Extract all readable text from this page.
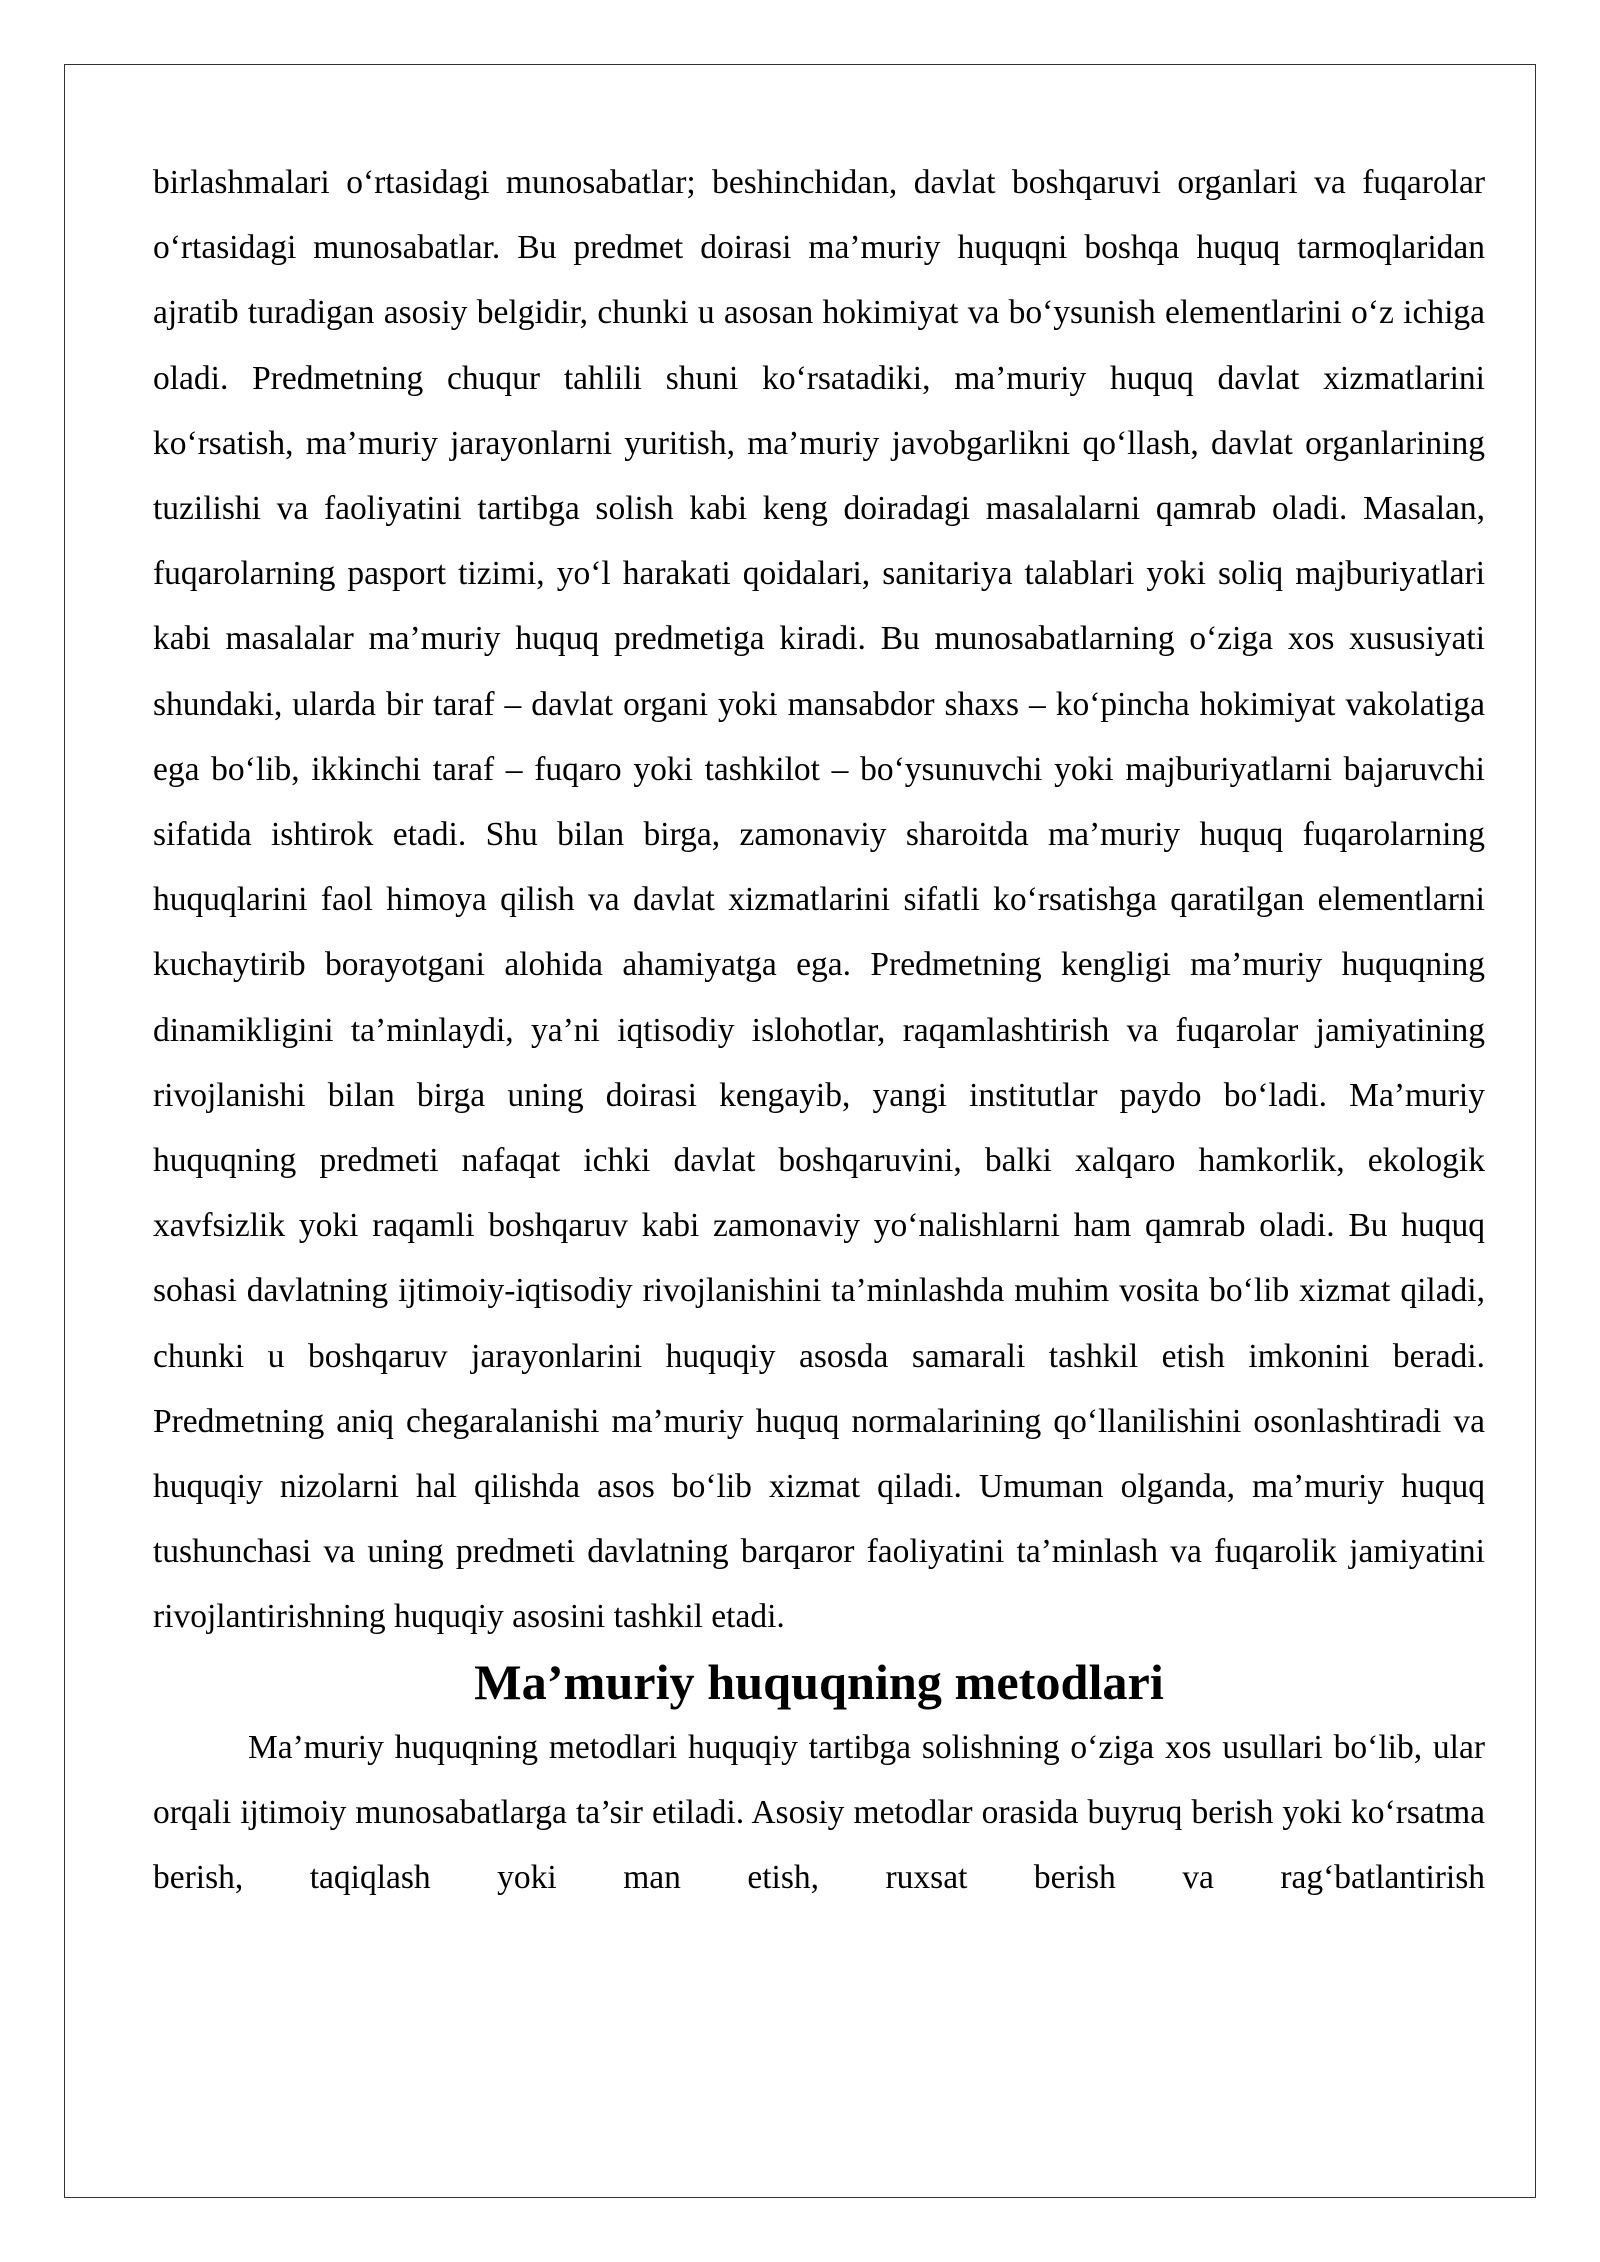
birlashmalari o‘rtasidagi munosabatlar; beshinchidan, davlat boshqaruvi organlari va fuqarolar o‘rtasidagi munosabatlar. Bu predmet doirasi ma’muriy huquqni boshqa huquq tarmoqlaridan ajratib turadigan asosiy belgidir, chunki u asosan hokimiyat va bo‘ysunish elementlarini o‘z ichiga oladi. Predmetning chuqur tahlili shuni ko‘rsatadiki, ma’muriy huquq davlat xizmatlarini ko‘rsatish, ma’muriy jarayonlarni yuritish, ma’muriy javobgarlikni qo‘llash, davlat organlarining tuzilishi va faoliyatini tartibga solish kabi keng doiradagi masalalarni qamrab oladi. Masalan, fuqarolarning pasport tizimi, yo‘l harakati qoidalari, sanitariya talablari yoki soliq majburiyatlari kabi masalalar ma’muriy huquq predmetiga kiradi. Bu munosabatlarning o‘ziga xos xususiyati shundaki, ularda bir taraf – davlat organi yoki mansabdor shaxs – ko‘pincha hokimiyat vakolatiga ega bo‘lib, ikkinchi taraf – fuqaro yoki tashkilot – bo‘ysunuvchi yoki majburiyatlarni bajaruvchi sifatida ishtirok etadi. Shu bilan birga, zamonaviy sharoitda ma’muriy huquq fuqarolarning huquqlarini faol himoya qilish va davlat xizmatlarini sifatli ko‘rsatishga qaratilgan elementlarni kuchaytirib borayotgani alohida ahamiyatga ega. Predmetning kengligi ma’muriy huquqning dinamikligini ta’minlaydi, ya’ni iqtisodiy islohotlar, raqamlashtirish va fuqarolar jamiyatining rivojlanishi bilan birga uning doirasi kengayib, yangi institutlar paydo bo‘ladi. Ma’muriy huquqning predmeti nafaqat ichki davlat boshqaruvini, balki xalqaro hamkorlik, ekologik xavfsizlik yoki raqamli boshqaruv kabi zamonaviy yo‘nalishlarni ham qamrab oladi. Bu huquq sohasi davlatning ijtimoiy-iqtisodiy rivojlanishini ta’minlashda muhim vosita bo‘lib xizmat qiladi, chunki u boshqaruv jarayonlarini huquqiy asosda samarali tashkil etish imkonini beradi. Predmetning aniq chegaralanishi ma’muriy huquq normalarining qo‘llanilishini osonlashtiradi va huquqiy nizolarni hal qilishda asos bo‘lib xizmat qiladi. Umuman olganda, ma’muriy huquq tushunchasi va uning predmeti davlatning barqaror faoliyatini ta’minlash va fuqarolik jamiyatini rivojlantirishning huquqiy asosini tashkil etadi.

Ma’muriy huquqning metodlari

Ma’muriy huquqning metodlari huquqiy tartibga solishning o‘ziga xos usullari bo‘lib, ular orqali ijtimoiy munosabatlarga ta’sir etiladi. Asosiy metodlar orasida buyruq berish yoki ko‘rsatma berish, taqiqlash yoki man etish, ruxsat berish va rag‘batlantirish
